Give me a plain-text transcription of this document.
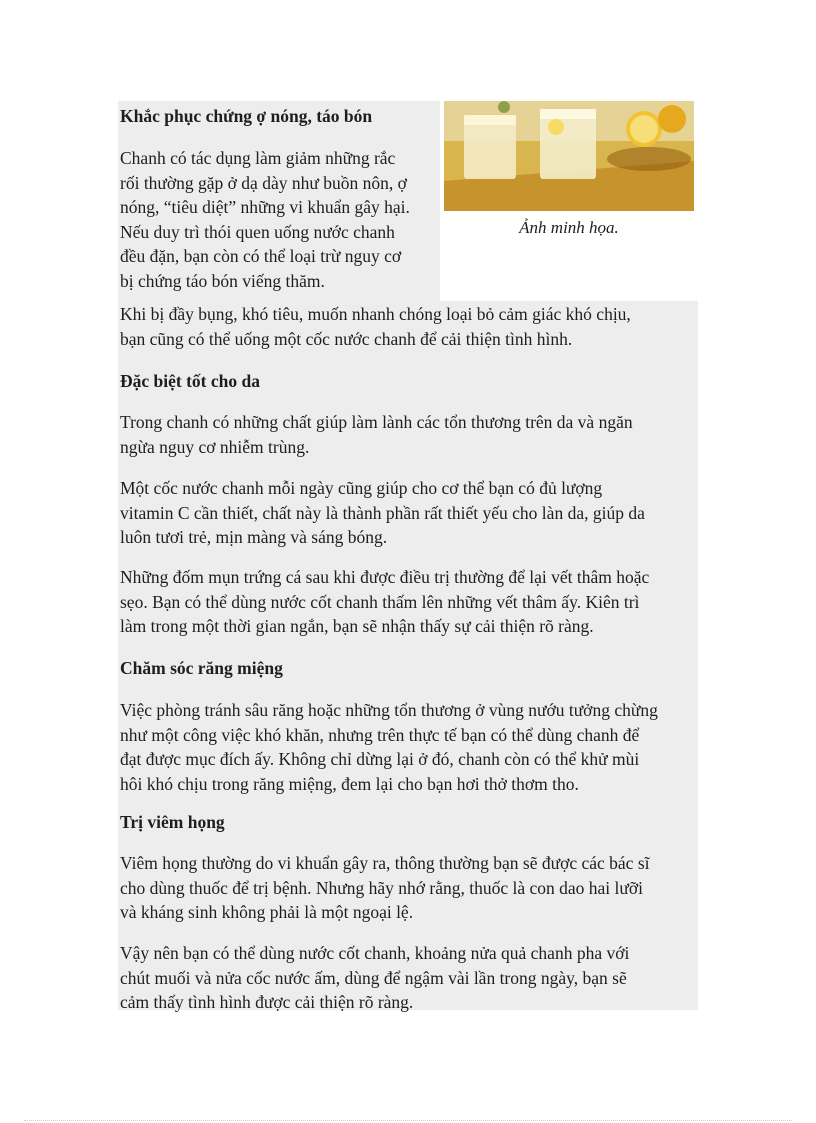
Khắc phục chứng ợ nóng, táo bón
Chanh có tác dụng làm giảm những rắc
rối thường gặp ở dạ dày như buồn nôn, ợ
nóng, “tiêu diệt” những vi khuẩn gây hại.
Nếu duy trì thói quen uống nước chanh
đều đặn, bạn còn có thể loại trừ nguy cơ
bị chứng táo bón viếng thăm.
Ảnh minh họa.
Khi bị đầy bụng, khó tiêu, muốn nhanh chóng loại bỏ cảm giác khó chịu,
bạn cũng có thể uống một cốc nước chanh để cải thiện tình hình.
Đặc biệt tốt cho da
Trong chanh có những chất giúp làm lành các tổn thương trên da và ngăn
ngừa nguy cơ nhiễm trùng.
Một cốc nước chanh mỗi ngày cũng giúp cho cơ thể bạn có đủ lượng
vitamin C cần thiết, chất này là thành phần rất thiết yếu cho làn da, giúp da
luôn tươi trẻ, mịn màng và sáng bóng.
Những đốm mụn trứng cá sau khi được điều trị thường để lại vết thâm hoặc
sẹo. Bạn có thể dùng nước cốt chanh thấm lên những vết thâm ấy. Kiên trì
làm trong một thời gian ngắn, bạn sẽ nhận thấy sự cải thiện rõ ràng.
Chăm sóc răng miệng
Việc phòng tránh sâu răng hoặc những tổn thương ở vùng nướu tưởng chừng
như một công việc khó khăn, nhưng trên thực tế bạn có thể dùng chanh để
đạt được mục đích ấy. Không chỉ dừng lại ở đó, chanh còn có thể khử mùi
hôi khó chịu trong răng miệng, đem lại cho bạn hơi thở thơm tho.
Trị viêm họng
Viêm họng thường do vi khuẩn gây ra, thông thường bạn sẽ được các bác sĩ
cho dùng thuốc để trị bệnh. Nhưng hãy nhớ rằng, thuốc là con dao hai lưỡi
và kháng sinh không phải là một ngoại lệ.
Vậy nên bạn có thể dùng nước cốt chanh, khoảng nửa quả chanh pha với
chút muối và nửa cốc nước ấm, dùng để ngậm vài lần trong ngày, bạn sẽ
cảm thấy tình hình được cải thiện rõ ràng.
